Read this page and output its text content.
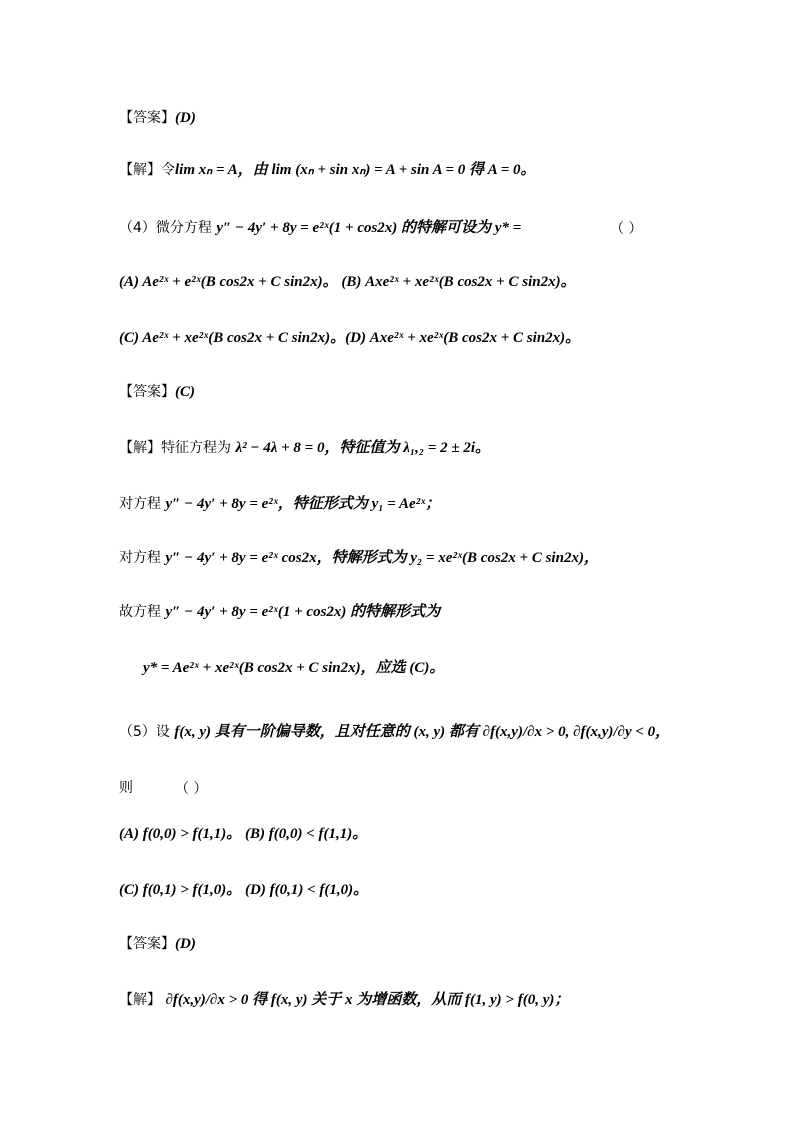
【答案】(D)
【解】令lim xₙ = A，由 lim (xₙ + sin xₙ) = A + sin A = 0 得 A = 0。
（4）微分方程 y″ − 4y′ + 8y = e²ˣ(1 + cos2x) 的特解可设为 y* =	（ ）
(A) Ae²ˣ + e²ˣ(B cos2x + C sin2x)。 (B) Axe²ˣ + xe²ˣ(B cos2x + C sin2x)。
(C) Ae²ˣ + xe²ˣ(B cos2x + C sin2x)。(D) Axe²ˣ + xe²ˣ(B cos2x + C sin2x)。
【答案】(C)
【解】特征方程为 λ² − 4λ + 8 = 0，特征值为 λ₁,₂ = 2 ± 2i。
对方程 y″ − 4y′ + 8y = e²ˣ，特征形式为 y₁ = Ae²ˣ；
对方程 y″ − 4y′ + 8y = e²ˣ cos2x，特解形式为 y₂ = xe²ˣ(B cos2x + C sin2x)，
故方程 y″ − 4y′ + 8y = e²ˣ(1 + cos2x) 的特解形式为
y* = Ae²ˣ + xe²ˣ(B cos2x + C sin2x)，应选 (C)。
（5）设 f(x, y) 具有一阶偏导数，且对任意的 (x, y) 都有 ∂f(x,y)/∂x > 0, ∂f(x,y)/∂y < 0，
则	（ ）
(A) f(0,0) > f(1,1)。 (B) f(0,0) < f(1,1)。
(C) f(0,1) > f(1,0)。 (D) f(0,1) < f(1,0)。
【答案】(D)
【解】 ∂f(x,y)/∂x > 0 得 f(x, y) 关于 x 为增函数，从而 f(1, y) > f(0, y)；
